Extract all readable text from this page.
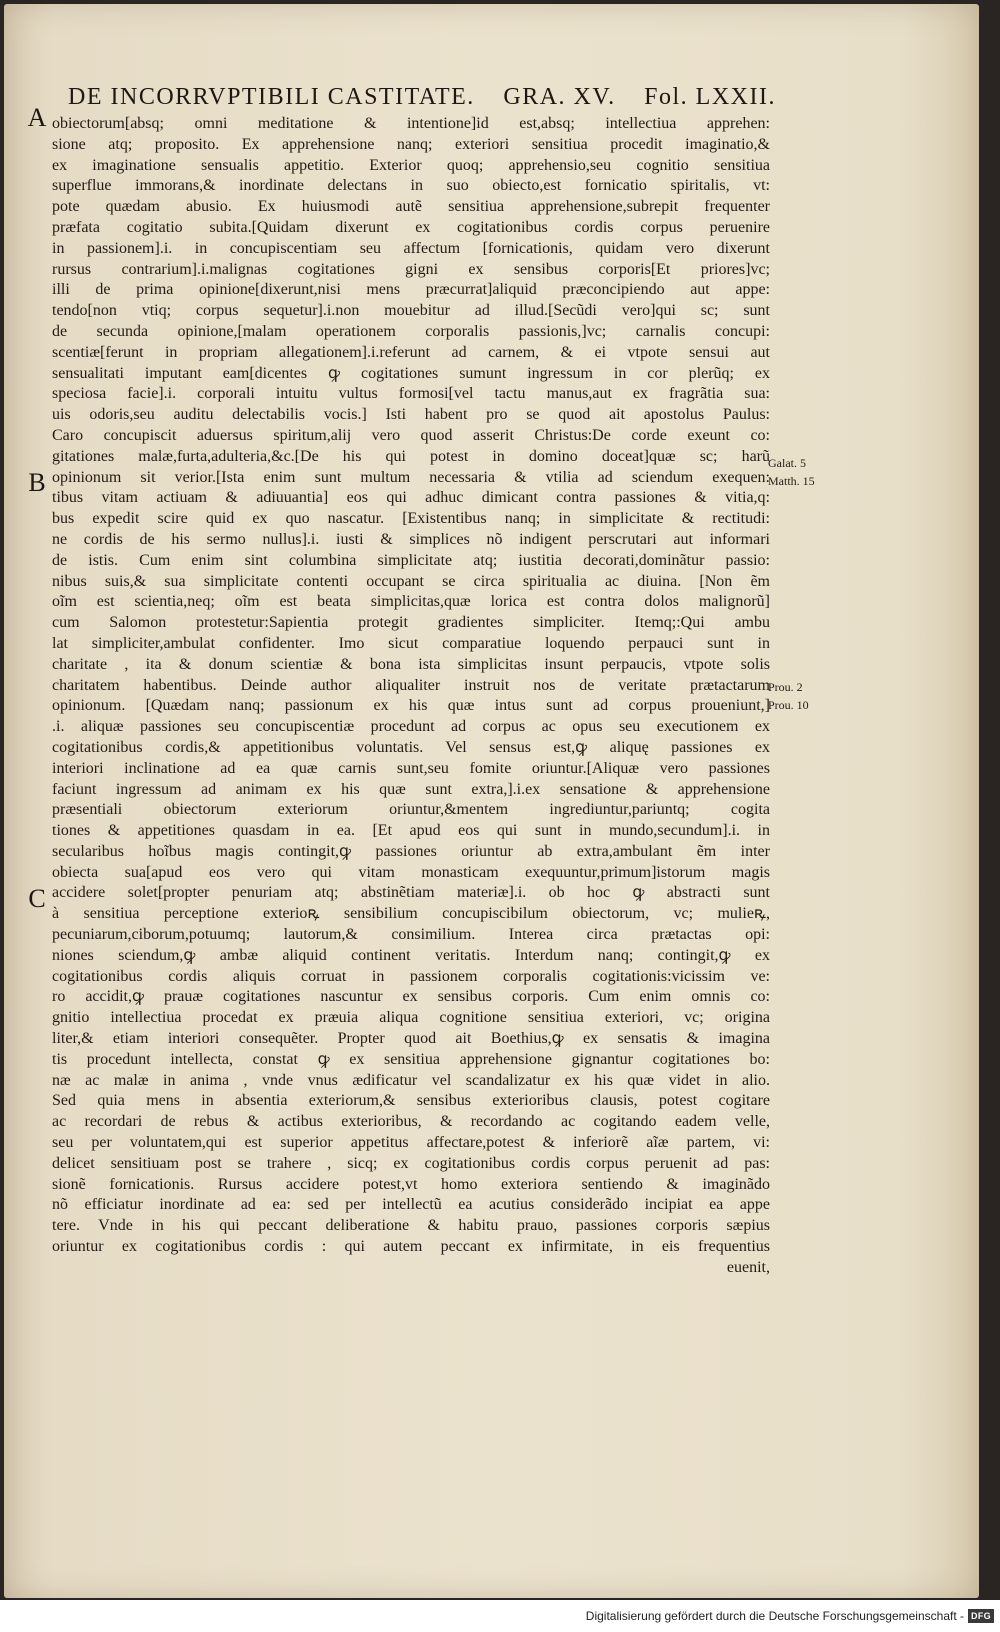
DE INCORRVPTIBILI CASTITATE. GRA. XV. Fol. LXXII.
A
B
C
obiectorum[absq; omni meditatione & intentione]id est,absq; intellectiua apprehen:
sione atq; proposito. Ex apprehensione nanq; exteriori sensitiua procedit imaginatio,&
ex imaginatione sensualis appetitio. Exterior quoq; apprehensio,seu cognitio sensitiua
superflue immorans,& inordinate delectans in suo obiecto,est fornicatio spiritalis, vt:
pote quædam abusio. Ex huiusmodi autẽ sensitiua apprehensione,subrepit frequenter
præfata cogitatio subita.[Quidam dixerunt ex cogitationibus cordis corpus peruenire
in passionem].i. in concupiscentiam seu affectum [fornicationis, quidam vero dixerunt
rursus contrarium].i.malignas cogitationes gigni ex sensibus corporis[Et priores]vc;
illi de prima opinione[dixerunt,nisi mens præcurrat]aliquid præconcipiendo aut appe:
tendo[non vtiq; corpus sequetur].i.non mouebitur ad illud.[Secũdi vero]qui sc; sunt
de secunda opinione,[malam operationem corporalis passionis,]vc; carnalis concupi:
scentiæ[ferunt in propriam allegationem].i.referunt ad carnem, & ei vtpote sensui aut
sensualitati imputant eam[dicentes ꝙ cogitationes sumunt ingressum in cor plerũq; ex
speciosa facie].i. corporali intuitu vultus formosi[vel tactu manus,aut ex fragrãtia sua:
uis odoris,seu auditu delectabilis vocis.] Isti habent pro se quod ait apostolus Paulus:
Caro concupiscit aduersus spiritum,alij vero quod asserit Christus:De corde exeunt co:
gitationes malæ,furta,adulteria,&c.[De his qui potest in domino doceat]quæ sc; harũ
opinionum sit verior.[Ista enim sunt multum necessaria & vtilia ad sciendum exequen:
tibus vitam actiuam & adiuuantia] eos qui adhuc dimicant contra passiones & vitia,q:
bus expedit scire quid ex quo nascatur. [Existentibus nanq; in simplicitate & rectitudi:
ne cordis de his sermo nullus].i. iusti & simplices nõ indigent perscrutari aut informari
de istis. Cum enim sint columbina simplicitate atq; iustitia decorati,dominãtur passio:
nibus suis,& sua simplicitate contenti occupant se circa spiritualia ac diuina. [Non ẽm
oĩm est scientia,neq; oĩm est beata simplicitas,quæ lorica est contra dolos malignorũ]
cum Salomon protestetur:Sapientia protegit gradientes simpliciter. Itemq;:Qui ambu
lat simpliciter,ambulat confidenter. Imo sicut comparatiue loquendo perpauci sunt in
charitate , ita & donum scientiæ & bona ista simplicitas insunt perpaucis, vtpote solis
charitatem habentibus. Deinde author aliqualiter instruit nos de veritate prætactarum
opinionum. [Quædam nanq; passionum ex his quæ intus sunt ad corpus proueniunt,]
.i. aliquæ passiones seu concupiscentiæ procedunt ad corpus ac opus seu executionem ex
cogitationibus cordis,& appetitionibus voluntatis. Vel sensus est,ꝙ aliquę passiones ex
interiori inclinatione ad ea quæ carnis sunt,seu fomite oriuntur.[Aliquæ vero passiones
faciunt ingressum ad animam ex his quæ sunt extra,].i.ex sensatione & apprehensione
præsentiali obiectorum exteriorum oriuntur,&mentem ingrediuntur,pariuntq; cogita
tiones & appetitiones quasdam in ea. [Et apud eos qui sunt in mundo,secundum].i. in
secularibus hoĩbus magis contingit,ꝙ passiones oriuntur ab extra,ambulant ẽm inter
obiecta sua[apud eos vero qui vitam monasticam exequuntur,primum]istorum magis
accidere solet[propter penuriam atq; abstinẽtiam materiæ].i. ob hoc ꝙ abstracti sunt
à sensitiua perceptione exterioꝶ sensibilium concupiscibilum obiectorum, vc; mulieꝶ,
pecuniarum,ciborum,potuumq; lautorum,& consimilium. Interea circa prætactas opi:
niones sciendum,ꝙ ambæ aliquid continent veritatis. Interdum nanq; contingit,ꝙ ex
cogitationibus cordis aliquis corruat in passionem corporalis cogitationis:vicissim ve:
ro accidit,ꝙ prauæ cogitationes nascuntur ex sensibus corporis. Cum enim omnis co:
gnitio intellectiua procedat ex præuia aliqua cognitione sensitiua exteriori, vc; origina
liter,& etiam interiori consequẽter. Propter quod ait Boethius,ꝙ ex sensatis & imagina
tis procedunt intellecta, constat ꝙ ex sensitiua apprehensione gignantur cogitationes bo:
næ ac malæ in anima , vnde vnus ædificatur vel scandalizatur ex his quæ videt in alio.
Sed quia mens in absentia exteriorum,& sensibus exterioribus clausis, potest cogitare
ac recordari de rebus & actibus exterioribus, & recordando ac cogitando eadem velle,
seu per voluntatem,qui est superior appetitus affectare,potest & inferiorẽ aĩæ partem, vi:
delicet sensitiuam post se trahere , sicq; ex cogitationibus cordis corpus peruenit ad pas:
sionẽ fornicationis. Rursus accidere potest,vt homo exteriora sentiendo & imaginãdo
nõ efficiatur inordinate ad ea: sed per intellectũ ea acutius considerãdo incipiat ea appe
tere. Vnde in his qui peccant deliberatione & habitu prauo, passiones corporis sæpius
oriuntur ex cogitationibus cordis : qui autem peccant ex infirmitate, in eis frequentius
euenit,
Galat. 5
Matth. 15
Prou. 2
Prou. 10
Digitalisierung gefördert durch die Deutsche Forschungsgemeinschaft - DFG
